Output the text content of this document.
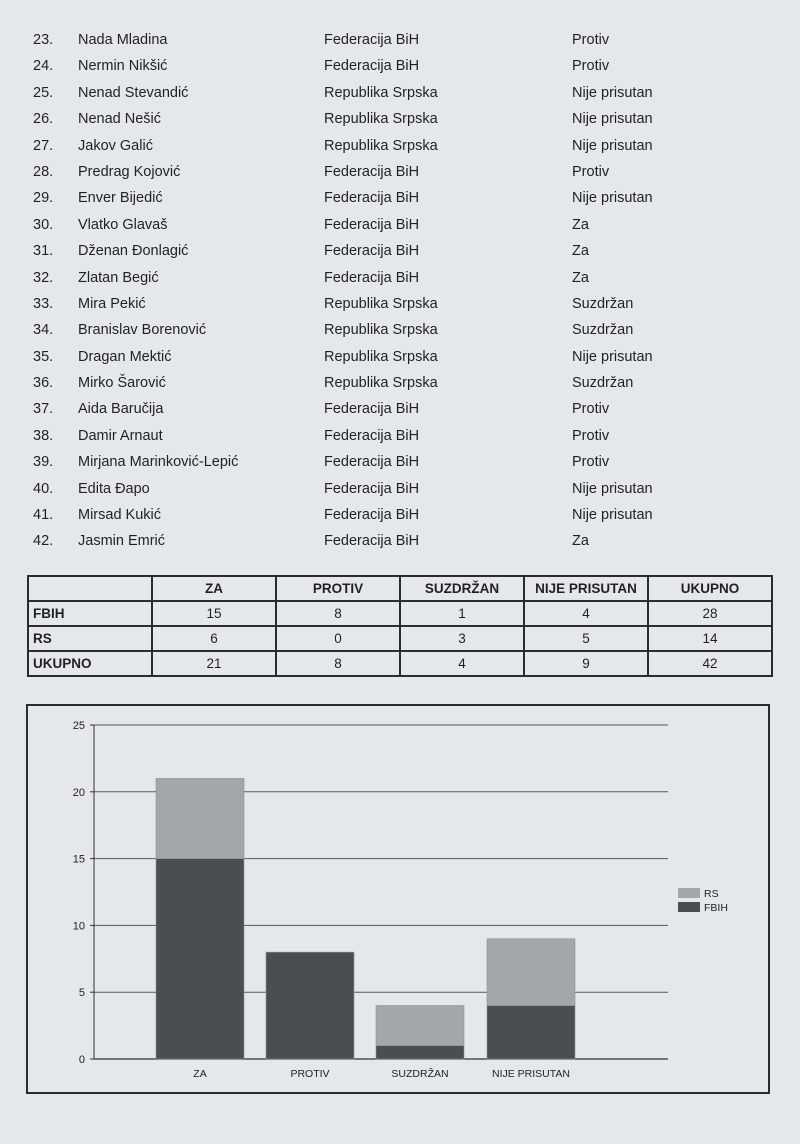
23. Nada Mladina	Federacija BiH	Protiv
24. Nermin Nikšić	Federacija BiH	Protiv
25. Nenad Stevandić	Republika Srpska	Nije prisutan
26. Nenad Nešić	Republika Srpska	Nije prisutan
27. Jakov Galić	Republika Srpska	Nije prisutan
28. Predrag Kojović	Federacija BiH	Protiv
29. Enver Bijedić	Federacija BiH	Nije prisutan
30. Vlatko Glavaš	Federacija BiH	Za
31. Dženan Đonlagić	Federacija BiH	Za
32. Zlatan Begić	Federacija BiH	Za
33. Mira Pekić	Republika Srpska	Suzdržan
34. Branislav Borenović	Republika Srpska	Suzdržan
35. Dragan Mektić	Republika Srpska	Nije prisutan
36. Mirko Šarović	Republika Srpska	Suzdržan
37. Aida Baručija	Federacija BiH	Protiv
38. Damir Arnaut	Federacija BiH	Protiv
39. Mirjana Marinković-Lepić	Federacija BiH	Protiv
40. Edita Đapo	Federacija BiH	Nije prisutan
41. Mirsad Kukić	Federacija BiH	Nije prisutan
42. Jasmin Emrić	Federacija BiH	Za
	ZA	PROTIV	SUZDRŽAN	NIJE PRISUTAN	UKUPNO
FBIH	15	8	1	4	28
RS	6	0	3	5	14
UKUPNO	21	8	4	9	42
0
5
10
15
20
25
ZA	PROTIV	SUZDRŽAN	NIJE PRISUTAN
RS
FBIH
